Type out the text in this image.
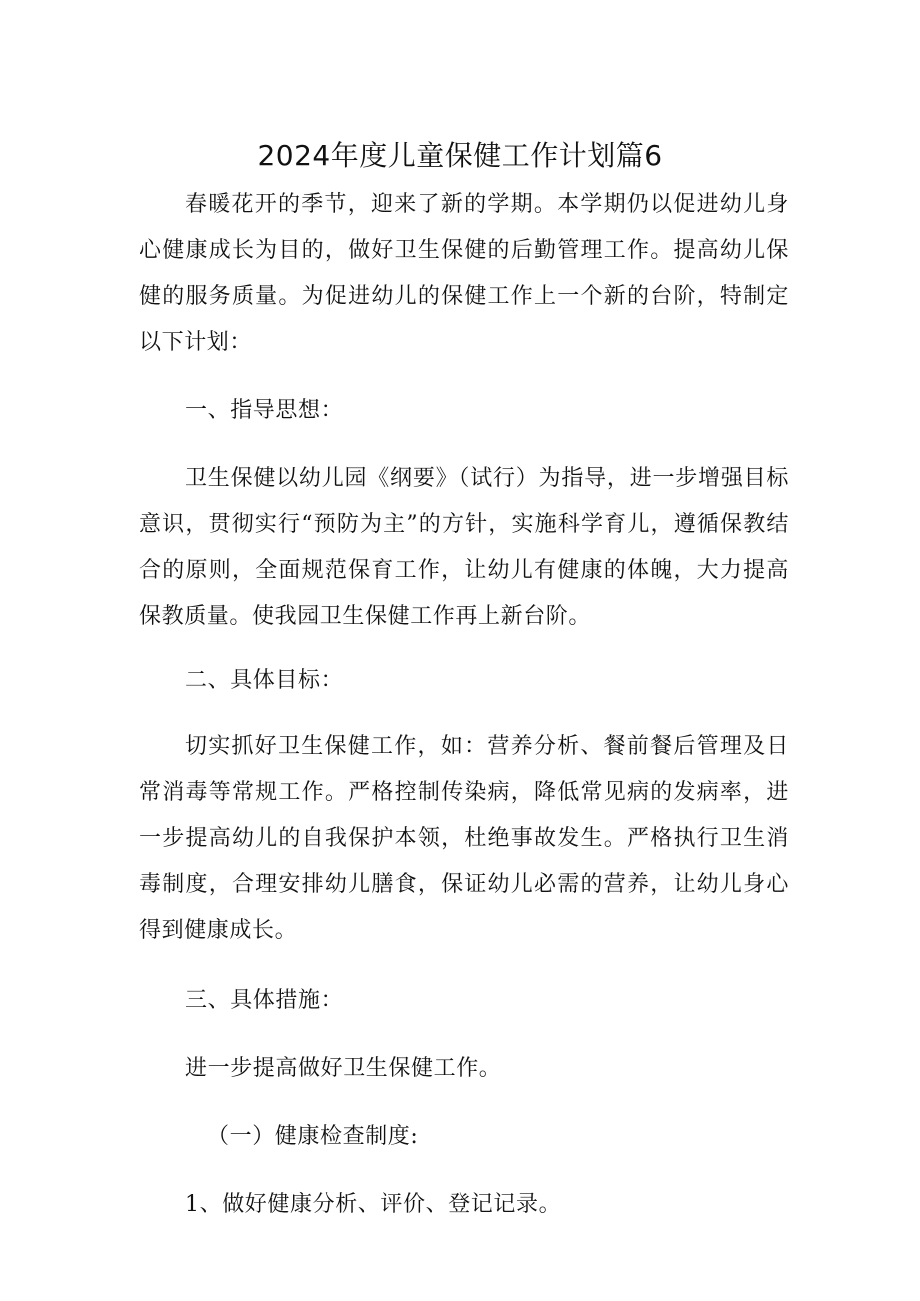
2024年度儿童保健工作计划篇6

春暖花开的季节，迎来了新的学期。本学期仍以促进幼儿身心健康成长为目的，做好卫生保健的后勤管理工作。提高幼儿保健的服务质量。为促进幼儿的保健工作上一个新的台阶，特制定以下计划：

一、指导思想：

卫生保健以幼儿园《纲要》（试行）为指导，进一步增强目标意识，贯彻实行“预防为主”的方针，实施科学育儿，遵循保教结合的原则，全面规范保育工作，让幼儿有健康的体魄，大力提高保教质量。使我园卫生保健工作再上新台阶。

二、具体目标：

切实抓好卫生保健工作，如：营养分析、餐前餐后管理及日常消毒等常规工作。严格控制传染病，降低常见病的发病率，进一步提高幼儿的自我保护本领，杜绝事故发生。严格执行卫生消毒制度，合理安排幼儿膳食，保证幼儿必需的营养，让幼儿身心得到健康成长。

三、具体措施：

进一步提高做好卫生保健工作。

（一）健康检查制度:

1、做好健康分析、评价、登记记录。
